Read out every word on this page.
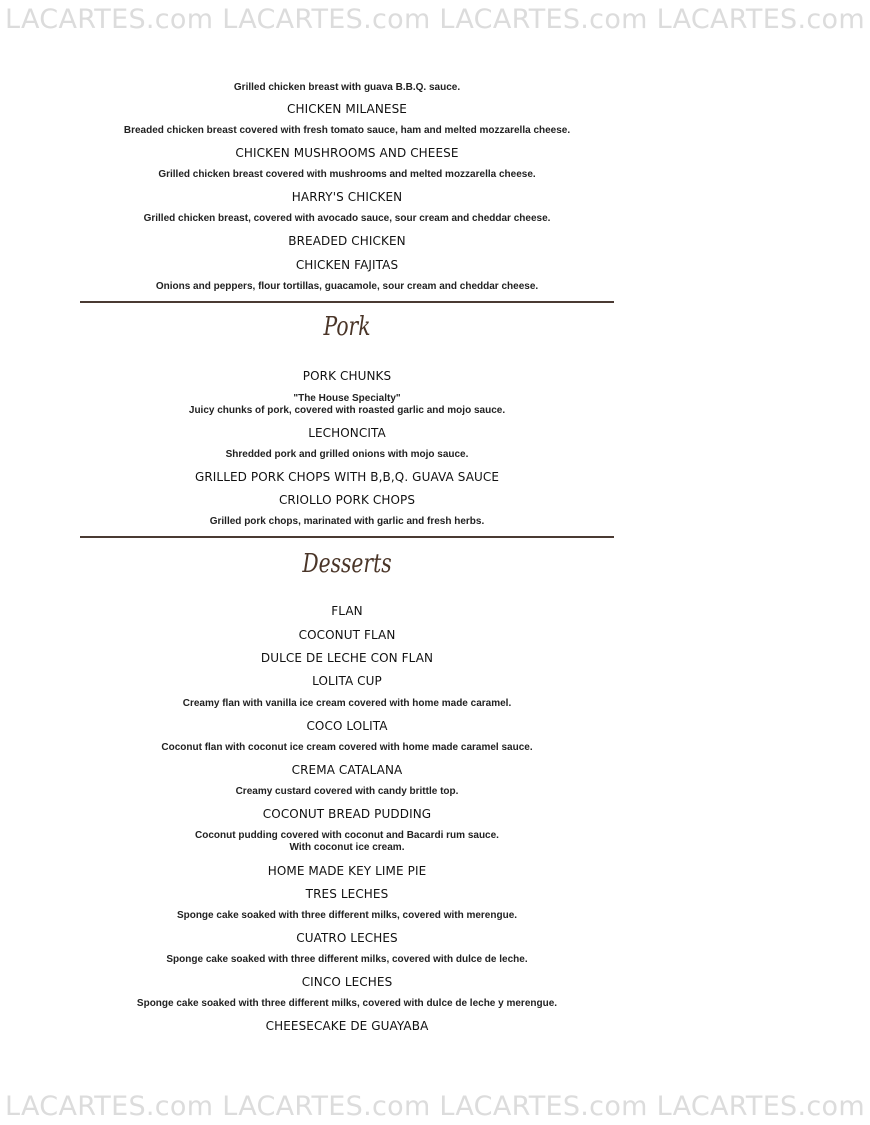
LACARTES.com LACARTES.com LACARTES.com LACARTES.com
Grilled chicken breast with guava B.B.Q. sauce.
CHICKEN MILANESE
Breaded chicken breast covered with fresh tomato sauce, ham and melted mozzarella cheese.
CHICKEN MUSHROOMS AND CHEESE
Grilled chicken breast covered with mushrooms and melted mozzarella cheese.
HARRY'S CHICKEN
Grilled chicken breast, covered with avocado sauce, sour cream and cheddar cheese.
BREADED CHICKEN
CHICKEN FAJITAS
Onions and peppers, flour tortillas, guacamole, sour cream and cheddar cheese.
Pork
PORK CHUNKS
"The House Specialty"
Juicy chunks of pork, covered with roasted garlic and mojo sauce.
LECHONCITA
Shredded pork and grilled onions with mojo sauce.
GRILLED PORK CHOPS WITH B,B,Q. GUAVA SAUCE
CRIOLLO PORK CHOPS
Grilled pork chops, marinated with garlic and fresh herbs.
Desserts
FLAN
COCONUT FLAN
DULCE DE LECHE CON FLAN
LOLITA CUP
Creamy flan with vanilla ice cream covered with home made caramel.
COCO LOLITA
Coconut flan with coconut ice cream covered with home made caramel sauce.
CREMA CATALANA
Creamy custard covered with candy brittle top.
COCONUT BREAD PUDDING
Coconut pudding covered with coconut and Bacardi rum sauce.
With coconut ice cream.
HOME MADE KEY LIME PIE
TRES LECHES
Sponge cake soaked with three different milks, covered with merengue.
CUATRO LECHES
Sponge cake soaked with three different milks, covered with dulce de leche.
CINCO LECHES
Sponge cake soaked with three different milks, covered with dulce de leche y merengue.
CHEESECAKE DE GUAYABA
LACARTES.com LACARTES.com LACARTES.com LACARTES.com
